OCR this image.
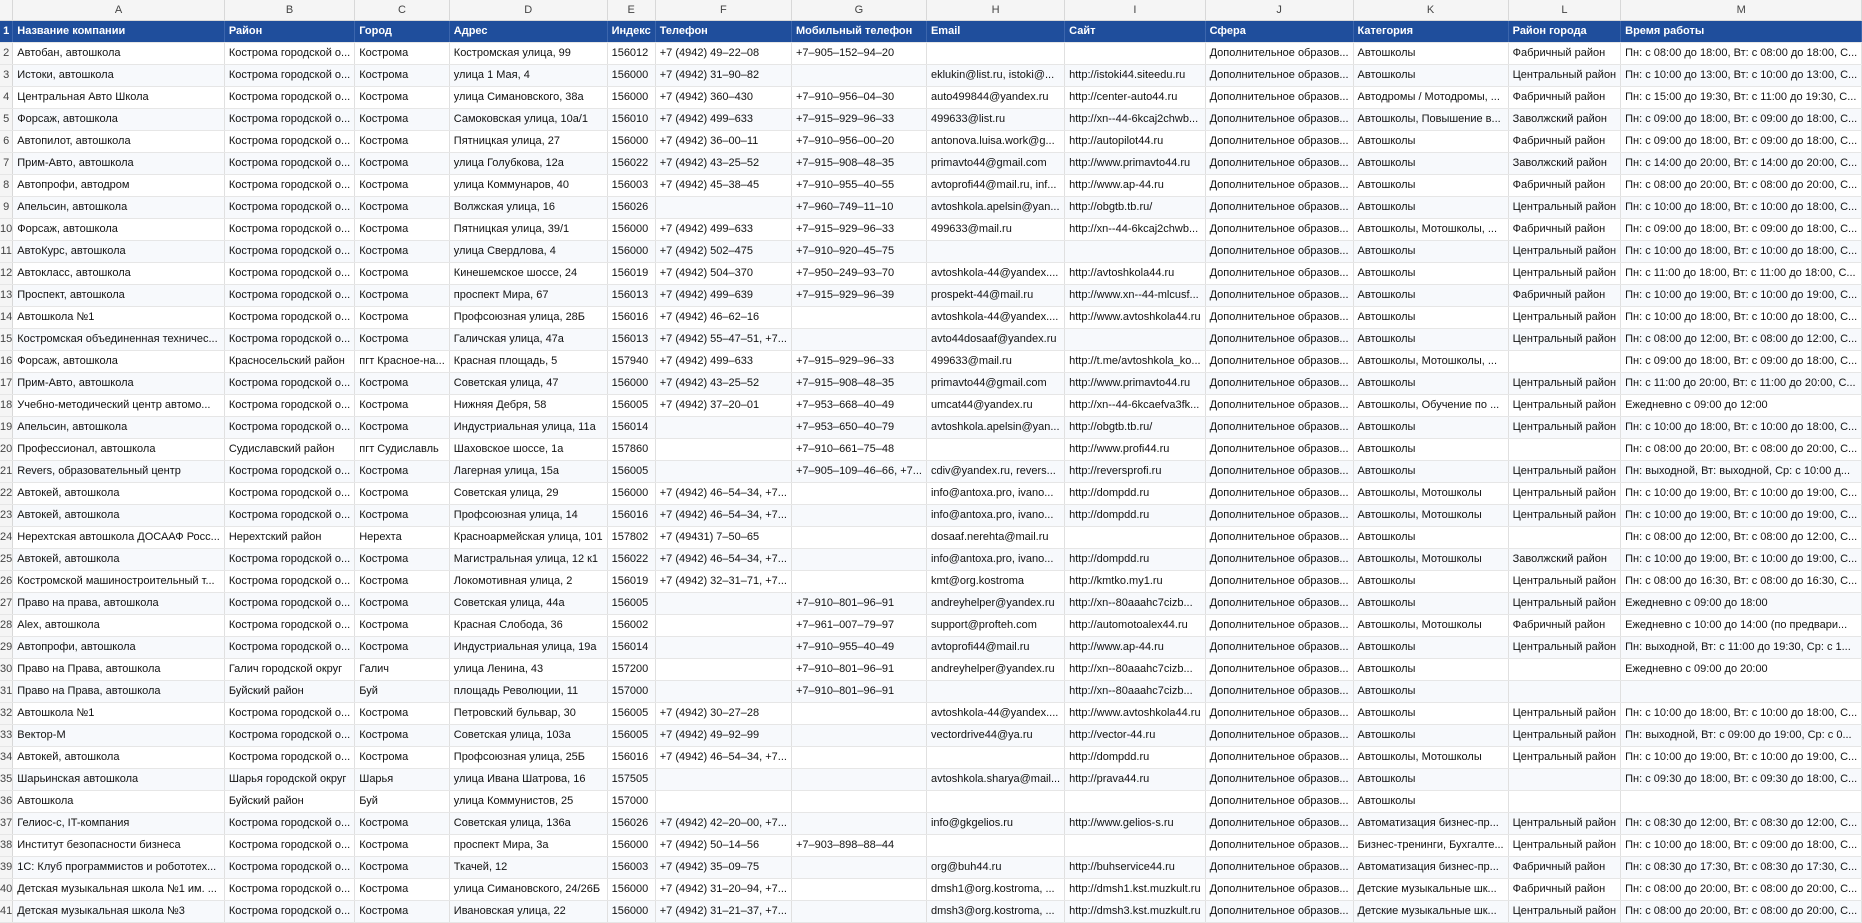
	A	B	C	D	E	F	G	H	I	J	K	L	M
1	Название компании	Район	Город	Адрес	Индекс	Телефон	Мобильный телефон	Email	Сайт	Сфера	Категория	Район города	Время работы
2	Автобан, автошкола	Кострома городской о...	Кострома	Костромская улица, 99	156012	+7 (4942) 49–22–08	+7–905–152–94–20			Дополнительное образов...	Автошколы	Фабричный район	Пн: с 08:00 до 18:00, Вт: с 08:00 до 18:00, С...
3	Истоки, автошкола	Кострома городской о...	Кострома	улица 1 Мая, 4	156000	+7 (4942) 31–90–82		eklukin@list.ru, istoki@...	http://istoki44.siteedu.ru	Дополнительное образов...	Автошколы	Центральный район	Пн: с 10:00 до 13:00, Вт: с 10:00 до 13:00, С...
4	Центральная Авто Школа	Кострома городской о...	Кострома	улица Симановского, 38а	156000	+7 (4942) 360–430	+7–910–956–04–30	auto499844@yandex.ru	http://center-auto44.ru	Дополнительное образов...	Автодромы / Мотодромы, ...	Фабричный район	Пн: с 15:00 до 19:30, Вт: с 11:00 до 19:30, С...
5	Форсаж, автошкола	Кострома городской о...	Кострома	Самоковская улица, 10а/1	156010	+7 (4942) 499–633	+7–915–929–96–33	499633@list.ru	http://xn--44-6kcaj2chwb...	Дополнительное образов...	Автошколы, Повышение в...	Заволжский район	Пн: с 09:00 до 18:00, Вт: с 09:00 до 18:00, С...
6	Автопилот, автошкола	Кострома городской о...	Кострома	Пятницкая улица, 27	156000	+7 (4942) 36–00–11	+7–910–956–00–20	antonova.luisa.work@g...	http://autopilot44.ru	Дополнительное образов...	Автошколы	Фабричный район	Пн: с 09:00 до 18:00, Вт: с 09:00 до 18:00, С...
7	Прим-Авто, автошкола	Кострома городской о...	Кострома	улица Голубкова, 12а	156022	+7 (4942) 43–25–52	+7–915–908–48–35	primavto44@gmail.com	http://www.primavto44.ru	Дополнительное образов...	Автошколы	Заволжский район	Пн: с 14:00 до 20:00, Вт: с 14:00 до 20:00, С...
8	Автопрофи, автодром	Кострома городской о...	Кострома	улица Коммунаров, 40	156003	+7 (4942) 45–38–45	+7–910–955–40–55	avtoprofi44@mail.ru, inf...	http://www.ap-44.ru	Дополнительное образов...	Автошколы	Фабричный район	Пн: с 08:00 до 20:00, Вт: с 08:00 до 20:00, С...
9	Апельсин, автошкола	Кострома городской о...	Кострома	Волжская улица, 16	156026		+7–960–749–11–10	avtoshkola.apelsin@yan...	http://obgtb.tb.ru/	Дополнительное образов...	Автошколы	Центральный район	Пн: с 10:00 до 18:00, Вт: с 10:00 до 18:00, С...
10	Форсаж, автошкола	Кострома городской о...	Кострома	Пятницкая улица, 39/1	156000	+7 (4942) 499–633	+7–915–929–96–33	499633@mail.ru	http://xn--44-6kcaj2chwb...	Дополнительное образов...	Автошколы, Мотошколы, ...	Фабричный район	Пн: с 09:00 до 18:00, Вт: с 09:00 до 18:00, С...
11	АвтоКурс, автошкола	Кострома городской о...	Кострома	улица Свердлова, 4	156000	+7 (4942) 502–475	+7–910–920–45–75			Дополнительное образов...	Автошколы	Центральный район	Пн: с 10:00 до 18:00, Вт: с 10:00 до 18:00, С...
12	Автокласс, автошкола	Кострома городской о...	Кострома	Кинешемское шоссе, 24	156019	+7 (4942) 504–370	+7–950–249–93–70	avtoshkola-44@yandex....	http://avtoshkola44.ru	Дополнительное образов...	Автошколы	Центральный район	Пн: с 11:00 до 18:00, Вт: с 11:00 до 18:00, С...
13	Проспект, автошкола	Кострома городской о...	Кострома	проспект Мира, 67	156013	+7 (4942) 499–639	+7–915–929–96–39	prospekt-44@mail.ru	http://www.xn--44-mlcusf...	Дополнительное образов...	Автошколы	Фабричный район	Пн: с 10:00 до 19:00, Вт: с 10:00 до 19:00, С...
14	Автошкола №1	Кострома городской о...	Кострома	Профсоюзная улица, 28Б	156016	+7 (4942) 46–62–16		avtoshkola-44@yandex....	http://www.avtoshkola44.ru	Дополнительное образов...	Автошколы	Центральный район	Пн: с 10:00 до 18:00, Вт: с 10:00 до 18:00, С...
15	Костромская объединенная техничес...	Кострома городской о...	Кострома	Галичская улица, 47а	156013	+7 (4942) 55–47–51, +7...		avto44dosaaf@yandex.ru		Дополнительное образов...	Автошколы	Центральный район	Пн: с 08:00 до 12:00, Вт: с 08:00 до 12:00, С...
16	Форсаж, автошкола	Красносельский район	пгт Красное-на...	Красная площадь, 5	157940	+7 (4942) 499–633	+7–915–929–96–33	499633@mail.ru	http://t.me/avtoshkola_ko...	Дополнительное образов...	Автошколы, Мотошколы, ...		Пн: с 09:00 до 18:00, Вт: с 09:00 до 18:00, С...
17	Прим-Авто, автошкола	Кострома городской о...	Кострома	Советская улица, 47	156000	+7 (4942) 43–25–52	+7–915–908–48–35	primavto44@gmail.com	http://www.primavto44.ru	Дополнительное образов...	Автошколы	Центральный район	Пн: с 11:00 до 20:00, Вт: с 11:00 до 20:00, С...
18	Учебно-методический центр автомо...	Кострома городской о...	Кострома	Нижняя Дебря, 58	156005	+7 (4942) 37–20–01	+7–953–668–40–49	umcat44@yandex.ru	http://xn--44-6kcaefva3fk...	Дополнительное образов...	Автошколы, Обучение по ...	Центральный район	Ежедневно с 09:00 до 12:00
19	Апельсин, автошкола	Кострома городской о...	Кострома	Индустриальная улица, 11а	156014		+7–953–650–40–79	avtoshkola.apelsin@yan...	http://obgtb.tb.ru/	Дополнительное образов...	Автошколы	Центральный район	Пн: с 10:00 до 18:00, Вт: с 10:00 до 18:00, С...
20	Профессионал, автошкола	Судиславский район	пгт Судиславль	Шаховское шоссе, 1а	157860		+7–910–661–75–48		http://www.profi44.ru	Дополнительное образов...	Автошколы		Пн: с 08:00 до 20:00, Вт: с 08:00 до 20:00, С...
21	Revers, образовательный центр	Кострома городской о...	Кострома	Лагерная улица, 15а	156005		+7–905–109–46–66, +7...	cdiv@yandex.ru, revers...	http://reversprofi.ru	Дополнительное образов...	Автошколы	Центральный район	Пн: выходной, Вт: выходной, Ср: с 10:00 д...
22	Автокей, автошкола	Кострома городской о...	Кострома	Советская улица, 29	156000	+7 (4942) 46–54–34, +7...		info@antoxa.pro, ivano...	http://dompdd.ru	Дополнительное образов...	Автошколы, Мотошколы	Центральный район	Пн: с 10:00 до 19:00, Вт: с 10:00 до 19:00, С...
23	Автокей, автошкола	Кострома городской о...	Кострома	Профсоюзная улица, 14	156016	+7 (4942) 46–54–34, +7...		info@antoxa.pro, ivano...	http://dompdd.ru	Дополнительное образов...	Автошколы, Мотошколы	Центральный район	Пн: с 10:00 до 19:00, Вт: с 10:00 до 19:00, С...
24	Нерехтская автошкола ДОСААФ Росс...	Нерехтский район	Нерехта	Красноармейская улица, 101	157802	+7 (49431) 7–50–65		dosaaf.nerehta@mail.ru		Дополнительное образов...	Автошколы		Пн: с 08:00 до 12:00, Вт: с 08:00 до 12:00, С...
25	Автокей, автошкола	Кострома городской о...	Кострома	Магистральная улица, 12 к1	156022	+7 (4942) 46–54–34, +7...		info@antoxa.pro, ivano...	http://dompdd.ru	Дополнительное образов...	Автошколы, Мотошколы	Заволжский район	Пн: с 10:00 до 19:00, Вт: с 10:00 до 19:00, С...
26	Костромской машиностроительный т...	Кострома городской о...	Кострома	Локомотивная улица, 2	156019	+7 (4942) 32–31–71, +7...		kmt@org.kostroma	http://kmtko.my1.ru	Дополнительное образов...	Автошколы	Центральный район	Пн: с 08:00 до 16:30, Вт: с 08:00 до 16:30, С...
27	Право на права, автошкола	Кострома городской о...	Кострома	Советская улица, 44а	156005		+7–910–801–96–91	andreyhelper@yandex.ru	http://xn--80aaahc7cizb...	Дополнительное образов...	Автошколы	Центральный район	Ежедневно с 09:00 до 18:00
28	Alex, автошкола	Кострома городской о...	Кострома	Красная Слобода, 36	156002		+7–961–007–79–97	support@profteh.com	http://automotoalex44.ru	Дополнительное образов...	Автошколы, Мотошколы	Фабричный район	Ежедневно с 10:00 до 14:00 (по предвари...
29	Автопрофи, автошкола	Кострома городской о...	Кострома	Индустриальная улица, 19а	156014		+7–910–955–40–49	avtoprofi44@mail.ru	http://www.ap-44.ru	Дополнительное образов...	Автошколы	Центральный район	Пн: выходной, Вт: с 11:00 до 19:30, Ср: с 1...
30	Право на Права, автошкола	Галич городской округ	Галич	улица Ленина, 43	157200		+7–910–801–96–91	andreyhelper@yandex.ru	http://xn--80aaahc7cizb...	Дополнительное образов...	Автошколы		Ежедневно с 09:00 до 20:00
31	Право на Права, автошкола	Буйский район	Буй	площадь Революции, 11	157000		+7–910–801–96–91		http://xn--80aaahc7cizb...	Дополнительное образов...	Автошколы		
32	Автошкола №1	Кострома городской о...	Кострома	Петровский бульвар, 30	156005	+7 (4942) 30–27–28		avtoshkola-44@yandex....	http://www.avtoshkola44.ru	Дополнительное образов...	Автошколы	Центральный район	Пн: с 10:00 до 18:00, Вт: с 10:00 до 18:00, С...
33	Вектор-М	Кострома городской о...	Кострома	Советская улица, 103а	156005	+7 (4942) 49–92–99		vectordrive44@ya.ru	http://vector-44.ru	Дополнительное образов...	Автошколы	Центральный район	Пн: выходной, Вт: с 09:00 до 19:00, Ср: с 0...
34	Автокей, автошкола	Кострома городской о...	Кострома	Профсоюзная улица, 25Б	156016	+7 (4942) 46–54–34, +7...			http://dompdd.ru	Дополнительное образов...	Автошколы, Мотошколы	Центральный район	Пн: с 10:00 до 19:00, Вт: с 10:00 до 19:00, С...
35	Шарьинская автошкола	Шарья городской округ	Шарья	улица Ивана Шатрова, 16	157505			avtoshkola.sharya@mail...	http://prava44.ru	Дополнительное образов...	Автошколы		Пн: с 09:30 до 18:00, Вт: с 09:30 до 18:00, С...
36	Автошкола	Буйский район	Буй	улица Коммунистов, 25	157000					Дополнительное образов...	Автошколы		
37	Гелиос-с, IT-компания	Кострома городской о...	Кострома	Советская улица, 136а	156026	+7 (4942) 42–20–00, +7...		info@gkgelios.ru	http://www.gelios-s.ru	Дополнительное образов...	Автоматизация бизнес-пр...	Центральный район	Пн: с 08:30 до 12:00, Вт: с 08:30 до 12:00, С...
38	Институт безопасности бизнеса	Кострома городской о...	Кострома	проспект Мира, 3а	156000	+7 (4942) 50–14–56	+7–903–898–88–44			Дополнительное образов...	Бизнес-тренинги, Бухгалте...	Центральный район	Пн: с 10:00 до 18:00, Вт: с 09:00 до 18:00, С...
39	1С: Клуб программистов и робототех...	Кострома городской о...	Кострома	Ткачей, 12	156003	+7 (4942) 35–09–75		org@buh44.ru	http://buhservice44.ru	Дополнительное образов...	Автоматизация бизнес-пр...	Фабричный район	Пн: с 08:30 до 17:30, Вт: с 08:30 до 17:30, С...
40	Детская музыкальная школа №1 им. ...	Кострома городской о...	Кострома	улица Симановского, 24/26Б	156000	+7 (4942) 31–20–94, +7...		dmsh1@org.kostroma, ...	http://dmsh1.kst.muzkult.ru	Дополнительное образов...	Детские музыкальные шк...	Фабричный район	Пн: с 08:00 до 20:00, Вт: с 08:00 до 20:00, С...
41	Детская музыкальная школа №3	Кострома городской о...	Кострома	Ивановская улица, 22	156000	+7 (4942) 31–21–37, +7...		dmsh3@org.kostroma, ...	http://dmsh3.kst.muzkult.ru	Дополнительное образов...	Детские музыкальные шк...	Центральный район	Пн: с 08:00 до 20:00, Вт: с 08:00 до 20:00, С...
